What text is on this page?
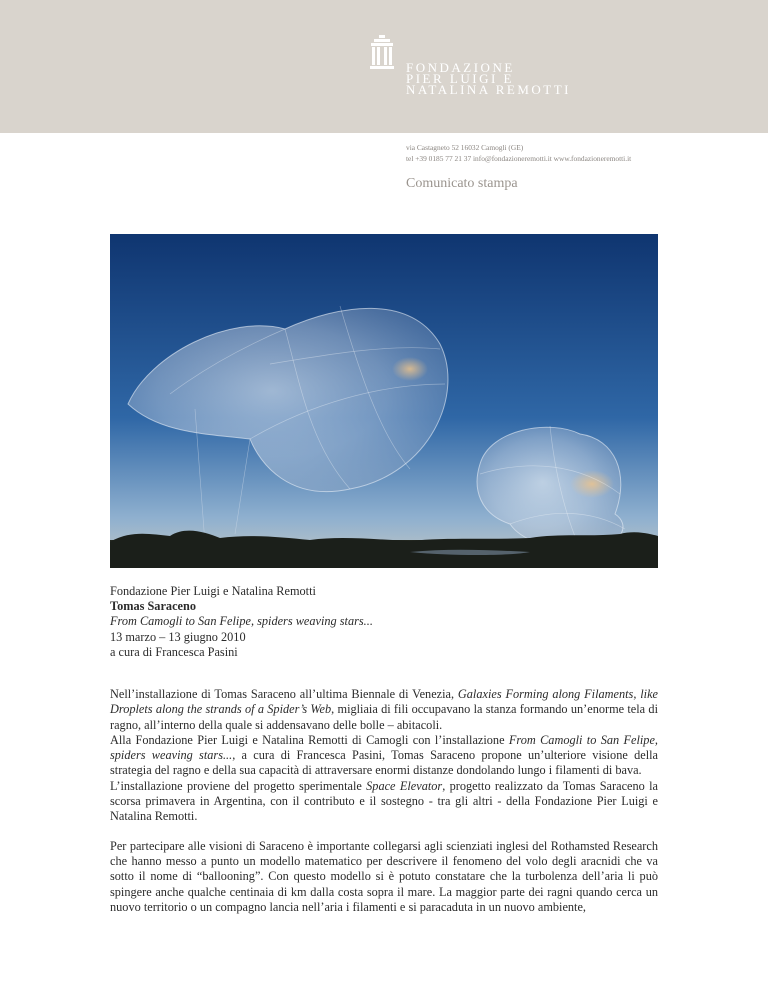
FONDAZIONE
PIER LUIGI E
NATALINA REMOTTI
via Castagneto 52 16032 Camogli (GE)
tel +39 0185 77 21 37 info@fondazioneremotti.it www.fondazioneremotti.it
Comunicato stampa
Fondazione Pier Luigi e Natalina Remotti
Tomas Saraceno
From Camogli to San Felipe, spiders weaving stars...
13 marzo – 13 giugno 2010
a cura di Francesca Pasini

Nell’installazione di Tomas Saraceno all’ultima Biennale di Venezia, Galaxies Forming along Filaments, like Droplets along the strands of a Spider’s Web, migliaia di fili occupavano la stanza formando un’enorme tela di ragno, all’interno della quale si addensavano delle bolle – abitacoli.

Alla Fondazione Pier Luigi e Natalina Remotti di Camogli con l’installazione From Camogli to San Felipe, spiders weaving stars..., a cura di Francesca Pasini, Tomas Saraceno propone un’ulteriore visione della strategia del ragno e della sua capacità di attraversare enormi distanze dondolando lungo i filamenti di bava.

L’installazione proviene del progetto sperimentale Space Elevator, progetto realizzato da Tomas Saraceno la scorsa primavera in Argentina, con il contributo e il sostegno - tra gli altri - della Fondazione Pier Luigi e Natalina Remotti.

Per partecipare alle visioni di Saraceno è importante collegarsi agli scienziati inglesi del Rothamsted Research che hanno messo a punto un modello matematico per descrivere il fenomeno del volo degli aracnidi che va sotto il nome di “ballooning”. Con questo modello si è potuto constatare che la turbolenza dell’aria li può spingere anche qualche centinaia di km dalla costa sopra il mare. La maggior parte dei ragni quando cerca un nuovo territorio o un compagno lancia nell’aria i filamenti e si paracaduta in un nuovo ambiente,
